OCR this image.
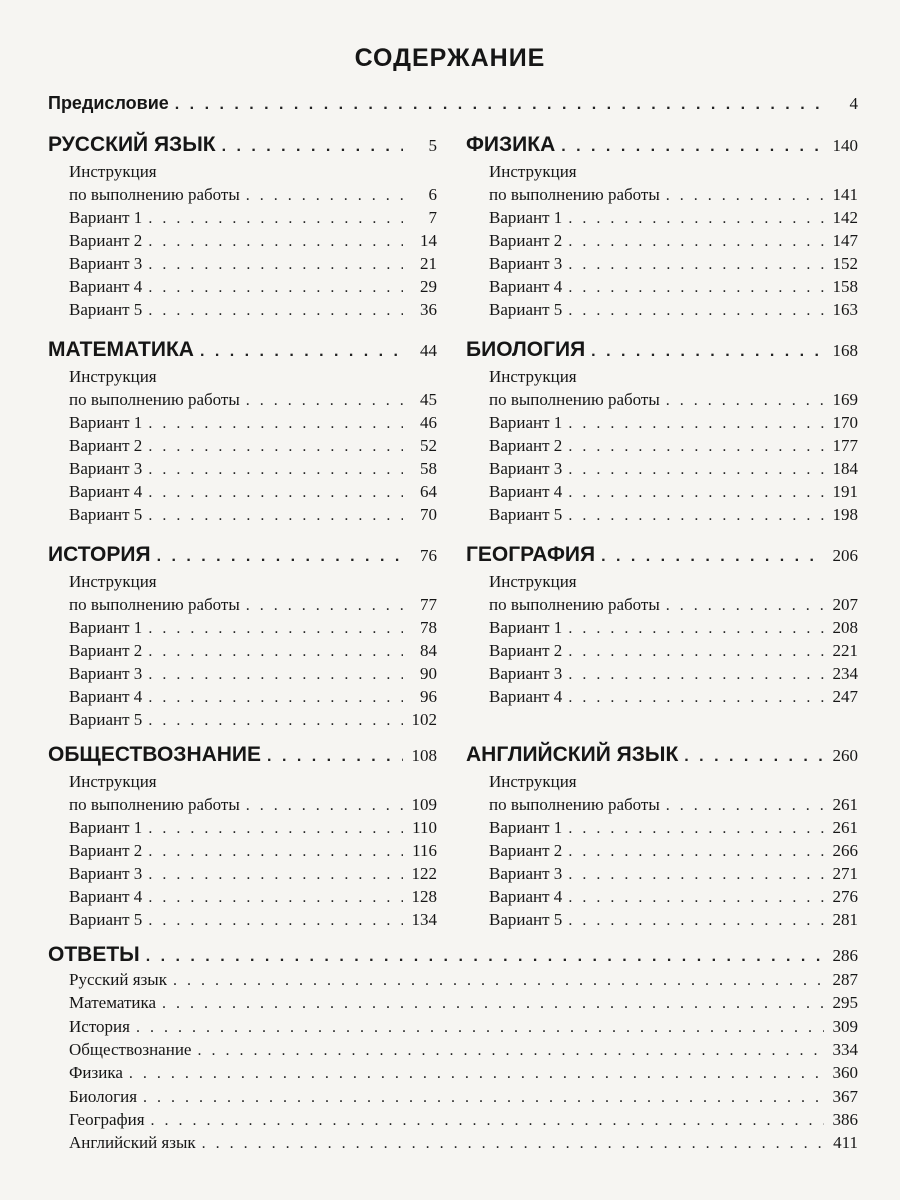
СОДЕРЖАНИЕ
Предисловие . . .	4
РУССКИЙ ЯЗЫК . . .	5
Инструкция
по выполнению работы . . .	6
Вариант 1 . . .	7
Вариант 2 . . .	14
Вариант 3 . . .	21
Вариант 4 . . .	29
Вариант 5 . . .	36
ФИЗИКА . . .	140
Инструкция
по выполнению работы . . .	141
Вариант 1 . . .	142
Вариант 2 . . .	147
Вариант 3 . . .	152
Вариант 4 . . .	158
Вариант 5 . . .	163
МАТЕМАТИКА . . .	44
Инструкция
по выполнению работы . . .	45
Вариант 1 . . .	46
Вариант 2 . . .	52
Вариант 3 . . .	58
Вариант 4 . . .	64
Вариант 5 . . .	70
БИОЛОГИЯ . . .	168
Инструкция
по выполнению работы . . .	169
Вариант 1 . . .	170
Вариант 2 . . .	177
Вариант 3 . . .	184
Вариант 4 . . .	191
Вариант 5 . . .	198
ИСТОРИЯ . . .	76
Инструкция
по выполнению работы . . .	77
Вариант 1 . . .	78
Вариант 2 . . .	84
Вариант 3 . . .	90
Вариант 4 . . .	96
Вариант 5 . . .	102
ГЕОГРАФИЯ . . .	206
Инструкция
по выполнению работы . . .	207
Вариант 1 . . .	208
Вариант 2 . . .	221
Вариант 3 . . .	234
Вариант 4 . . .	247
ОБЩЕСТВОЗНАНИЕ . . .	108
Инструкция
по выполнению работы . . .	109
Вариант 1 . . .	110
Вариант 2 . . .	116
Вариант 3 . . .	122
Вариант 4 . . .	128
Вариант 5 . . .	134
АНГЛИЙСКИЙ ЯЗЫК . . .	260
Инструкция
по выполнению работы . . .	261
Вариант 1 . . .	261
Вариант 2 . . .	266
Вариант 3 . . .	271
Вариант 4 . . .	276
Вариант 5 . . .	281
ОТВЕТЫ . . .	286
Русский язык . . .	287
Математика . . .	295
История . . .	309
Обществознание . . .	334
Физика . . .	360
Биология . . .	367
География . . .	386
Английский язык . . .	411
